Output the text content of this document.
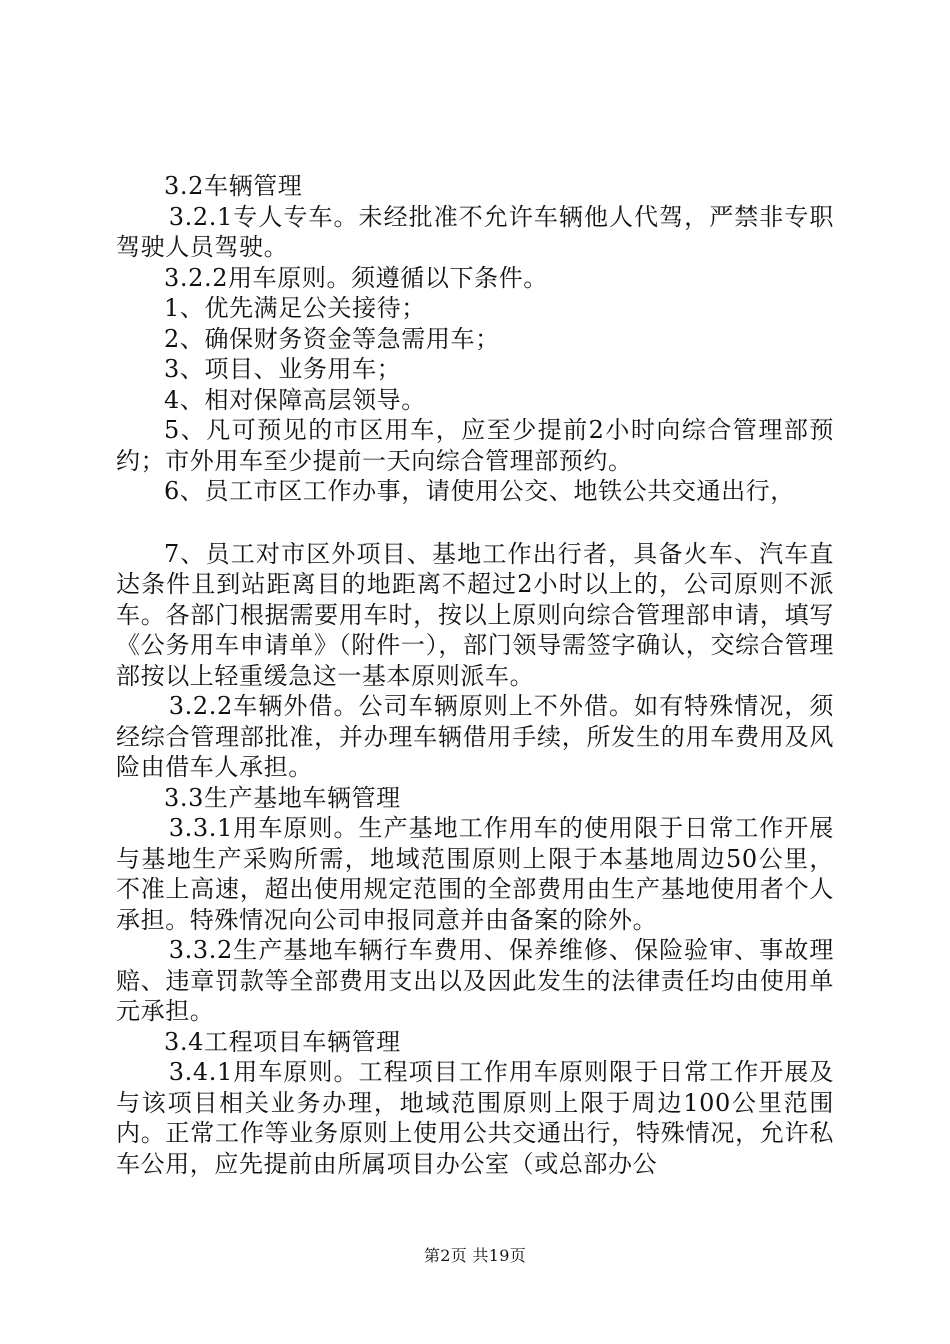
3.2车辆管理

3.2.1专人专车。未经批准不允许车辆他人代驾，严禁非专职驾驶人员驾驶。

3.2.2用车原则。须遵循以下条件。

1、优先满足公关接待；

2、确保财务资金等急需用车；

3、项目、业务用车；

4、相对保障高层领导。

5、凡可预见的市区用车，应至少提前2小时向综合管理部预约；市外用车至少提前一天向综合管理部预约。

6、员工市区工作办事，请使用公交、地铁公共交通出行，

7、员工对市区外项目、基地工作出行者，具备火车、汽车直达条件且到站距离目的地距离不超过2小时以上的，公司原则不派车。各部门根据需要用车时，按以上原则向综合管理部申请，填写《公务用车申请单》（附件一），部门领导需签字确认，交综合管理部按以上轻重缓急这一基本原则派车。

3.2.2车辆外借。公司车辆原则上不外借。如有特殊情况，须经综合管理部批准，并办理车辆借用手续，所发生的用车费用及风险由借车人承担。

3.3生产基地车辆管理

3.3.1用车原则。生产基地工作用车的使用限于日常工作开展与基地生产采购所需，地域范围原则上限于本基地周边50公里，不准上高速，超出使用规定范围的全部费用由生产基地使用者个人承担。特殊情况向公司申报同意并由备案的除外。

3.3.2生产基地车辆行车费用、保养维修、保险验审、事故理赔、违章罚款等全部费用支出以及因此发生的法律责任均由使用单元承担。

3.4工程项目车辆管理

3.4.1用车原则。工程项目工作用车原则限于日常工作开展及与该项目相关业务办理，地域范围原则上限于周边100公里范围内。正常工作等业务原则上使用公共交通出行，特殊情况，允许私车公用，应先提前由所属项目办公室（或总部办公

第2页 共19页
